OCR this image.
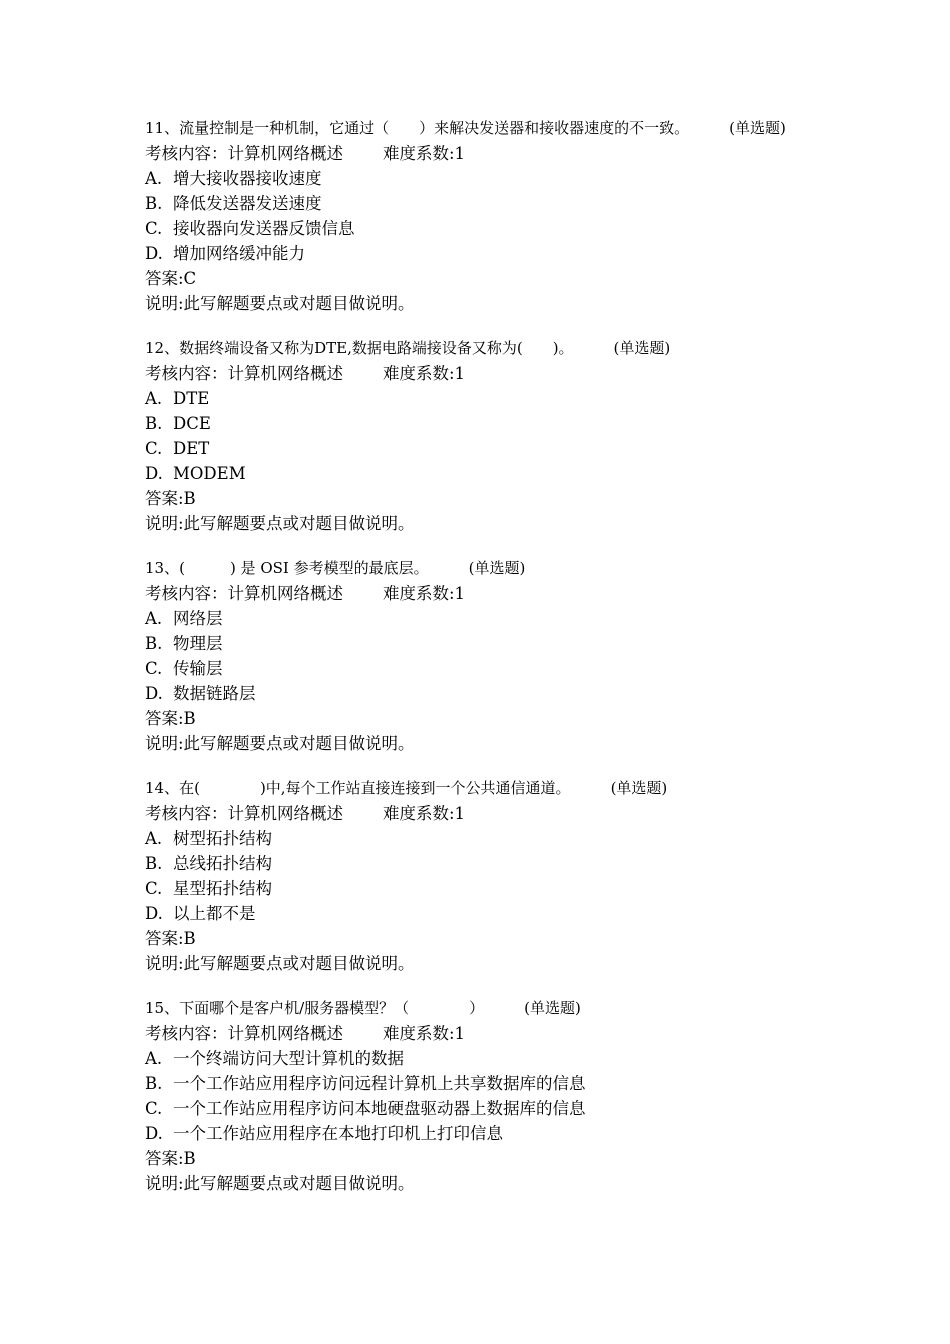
11、流量控制是一种机制，它通过（　　）来解决发送器和接收器速度的不一致。	(单选题)

考核内容：计算机网络概述 难度系数:1
A. 增大接收器接收速度
B. 降低发送器发送速度
C. 接收器向发送器反馈信息
D. 增加网络缓冲能力
答案:C
说明:此写解题要点或对题目做说明。

12、数据终端设备又称为DTE,数据电路端接设备又称为(　　)。	(单选题)

考核内容：计算机网络概述 难度系数:1
A. DTE
B. DCE
C. DET
D. MODEM
答案:B
说明:此写解题要点或对题目做说明。

13、(　　　) 是 OSI 参考模型的最底层。	(单选题)

考核内容：计算机网络概述 难度系数:1
A. 网络层
B. 物理层
C. 传输层
D. 数据链路层
答案:B
说明:此写解题要点或对题目做说明。

14、在(　　　　)中,每个工作站直接连接到一个公共通信通道。	(单选题)

考核内容：计算机网络概述 难度系数:1
A. 树型拓扑结构
B. 总线拓扑结构
C. 星型拓扑结构
D. 以上都不是
答案:B
说明:此写解题要点或对题目做说明。

15、下面哪个是客户机/服务器模型？（　　　　）	(单选题)

考核内容：计算机网络概述 难度系数:1
A. 一个终端访问大型计算机的数据
B. 一个工作站应用程序访问远程计算机上共享数据库的信息
C. 一个工作站应用程序访问本地硬盘驱动器上数据库的信息
D. 一个工作站应用程序在本地打印机上打印信息
答案:B
说明:此写解题要点或对题目做说明。
